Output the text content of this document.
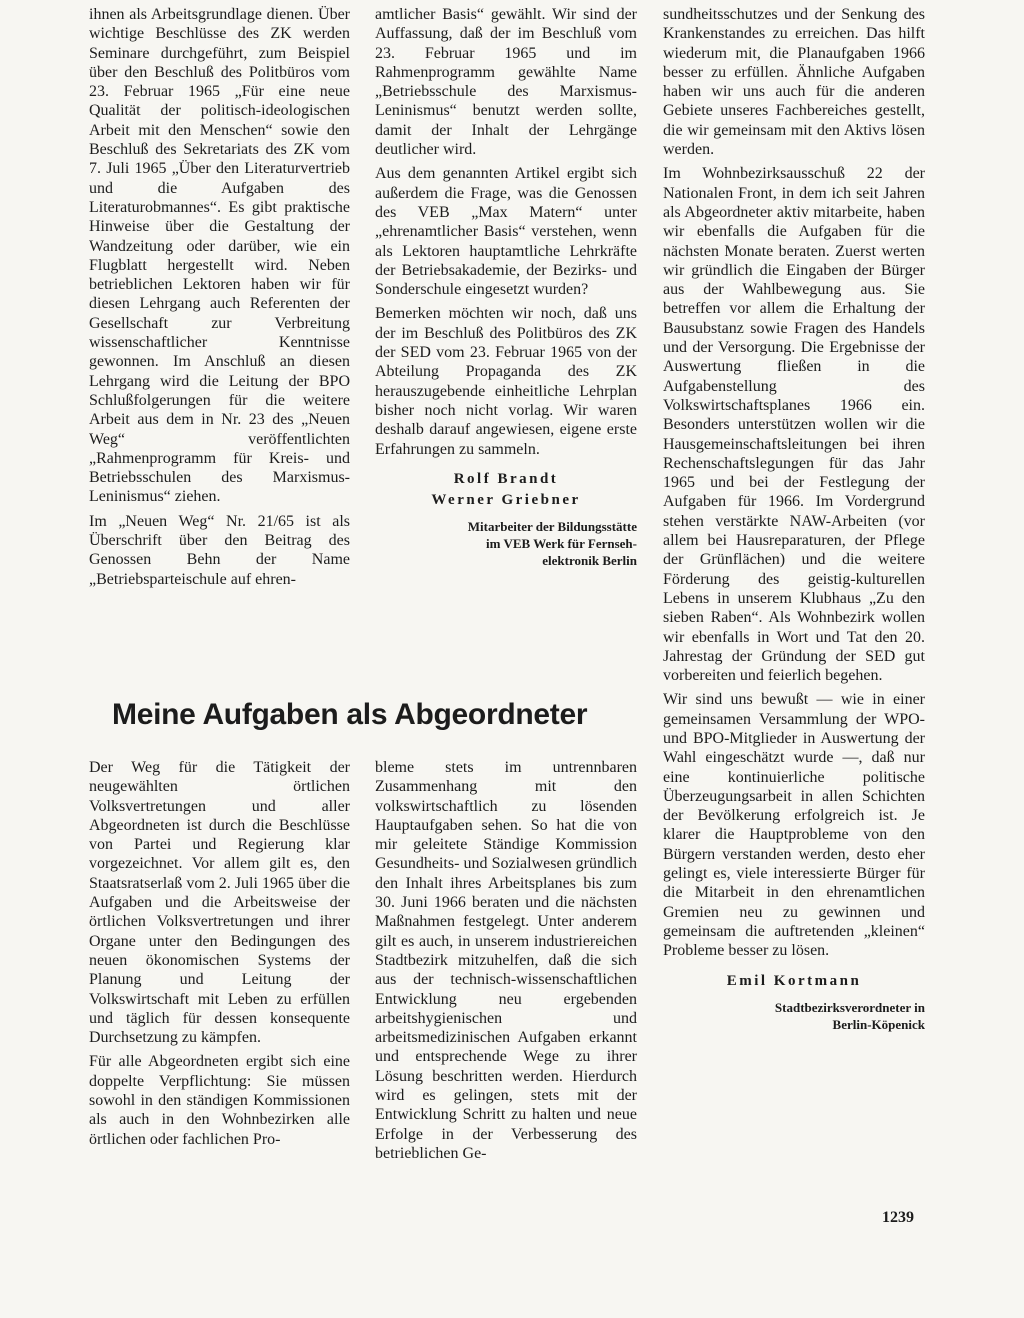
ihnen als Arbeitsgrundlage dienen. Über wichtige Beschlüsse des ZK werden Seminare durchgeführt, zum Beispiel über den Beschluß des Politbüros vom 23. Februar 1965 „Für eine neue Qualität der politisch-ideologischen Arbeit mit den Menschen“ sowie den Beschluß des Sekretariats des ZK vom 7. Juli 1965 „Über den Literaturvertrieb und die Aufgaben des Literaturobmannes“. Es gibt praktische Hinweise über die Gestaltung der Wandzeitung oder darüber, wie ein Flugblatt hergestellt wird. Neben betrieblichen Lektoren haben wir für diesen Lehrgang auch Referenten der Gesellschaft zur Verbreitung wissenschaftlicher Kenntnisse gewonnen. Im Anschluß an diesen Lehrgang wird die Leitung der BPO Schlußfolgerungen für die weitere Arbeit aus dem in Nr. 23 des „Neuen Weg“ veröffentlichten „Rahmenprogramm für Kreis- und Betriebsschulen des Marxismus-Leninismus“ ziehen.

Im „Neuen Weg“ Nr. 21/65 ist als Überschrift über den Beitrag des Genossen Behn der Name „Betriebsparteischule auf ehren-

amtlicher Basis“ gewählt. Wir sind der Auffassung, daß der im Beschluß vom 23. Februar 1965 und im Rahmenprogramm gewählte Name „Betriebsschule des Marxismus-Leninismus“ benutzt werden sollte, damit der Inhalt der Lehrgänge deutlicher wird.

Aus dem genannten Artikel ergibt sich außerdem die Frage, was die Genossen des VEB „Max Matern“ unter „ehrenamtlicher Basis“ verstehen, wenn als Lektoren hauptamtliche Lehrkräfte der Betriebsakademie, der Bezirks- und Sonderschule eingesetzt wurden?

Bemerken möchten wir noch, daß uns der im Beschluß des Politbüros des ZK der SED vom 23. Februar 1965 von der Abteilung Propaganda des ZK herauszugebende einheitliche Lehrplan bisher noch nicht vorlag. Wir waren deshalb darauf angewiesen, eigene erste Erfahrungen zu sammeln.

Rolf Brandt
Werner Griebner
Mitarbeiter der Bildungsstätte
im VEB Werk für Fernseh-
elektronik Berlin

sundheitsschutzes und der Senkung des Krankenstandes zu erreichen. Das hilft wiederum mit, die Planaufgaben 1966 besser zu erfüllen. Ähnliche Aufgaben haben wir uns auch für die anderen Gebiete unseres Fachbereiches gestellt, die wir gemeinsam mit den Aktivs lösen werden.

Im Wohnbezirksausschuß 22 der Nationalen Front, in dem ich seit Jahren als Abgeordneter aktiv mitarbeite, haben wir ebenfalls die Aufgaben für die nächsten Monate beraten. Zuerst werten wir gründlich die Eingaben der Bürger aus der Wahlbewegung aus. Sie betreffen vor allem die Erhaltung der Bausubstanz sowie Fragen des Handels und der Versorgung. Die Ergebnisse der Auswertung fließen in die Aufgabenstellung des Volkswirtschaftsplanes 1966 ein. Besonders unterstützen wollen wir die Hausgemeinschaftsleitungen bei ihren Rechenschaftslegungen für das Jahr 1965 und bei der Festlegung der Aufgaben für 1966. Im Vordergrund stehen verstärkte NAW-Arbeiten (vor allem bei Hausreparaturen, der Pflege der Grünflächen) und die weitere Förderung des geistig-kulturellen Lebens in unserem Klubhaus „Zu den sieben Raben“. Als Wohnbezirk wollen wir ebenfalls in Wort und Tat den 20. Jahrestag der Gründung der SED gut vorbereiten und feierlich begehen.

Wir sind uns bewußt — wie in einer gemeinsamen Versammlung der WPO- und BPO-Mitglieder in Auswertung der Wahl eingeschätzt wurde —, daß nur eine kontinuierliche politische Überzeugungsarbeit in allen Schichten der Bevölkerung erfolgreich ist. Je klarer die Hauptprobleme von den Bürgern verstanden werden, desto eher gelingt es, viele interessierte Bürger für die Mitarbeit in den ehrenamtlichen Gremien neu zu gewinnen und gemeinsam die auftretenden „kleinen“ Probleme besser zu lösen.

Emil Kortmann
Stadtbezirksverordneter in
Berlin-Köpenick
Meine Aufgaben als Abgeordneter

Der Weg für die Tätigkeit der neugewählten örtlichen Volksvertretungen und aller Abgeordneten ist durch die Beschlüsse von Partei und Regierung klar vorgezeichnet. Vor allem gilt es, den Staatsratserlaß vom 2. Juli 1965 über die Aufgaben und die Arbeitsweise der örtlichen Volksvertretungen und ihrer Organe unter den Bedingungen des neuen ökonomischen Systems der Planung und Leitung der Volkswirtschaft mit Leben zu erfüllen und täglich für dessen konsequente Durchsetzung zu kämpfen.

Für alle Abgeordneten ergibt sich eine doppelte Verpflichtung: Sie müssen sowohl in den ständigen Kommissionen als auch in den Wohnbezirken alle örtlichen oder fachlichen Pro-

bleme stets im untrennbaren Zusammenhang mit den volkswirtschaftlich zu lösenden Hauptaufgaben sehen. So hat die von mir geleitete Ständige Kommission Gesundheits- und Sozialwesen gründlich den Inhalt ihres Arbeitsplanes bis zum 30. Juni 1966 beraten und die nächsten Maßnahmen festgelegt. Unter anderem gilt es auch, in unserem industriereichen Stadtbezirk mitzuhelfen, daß die sich aus der technisch-wissenschaftlichen Entwicklung neu ergebenden arbeitshygienischen und arbeitsmedizinischen Aufgaben erkannt und entsprechende Wege zu ihrer Lösung beschritten werden. Hierdurch wird es gelingen, stets mit der Entwicklung Schritt zu halten und neue Erfolge in der Verbesserung des betrieblichen Ge-

1239
